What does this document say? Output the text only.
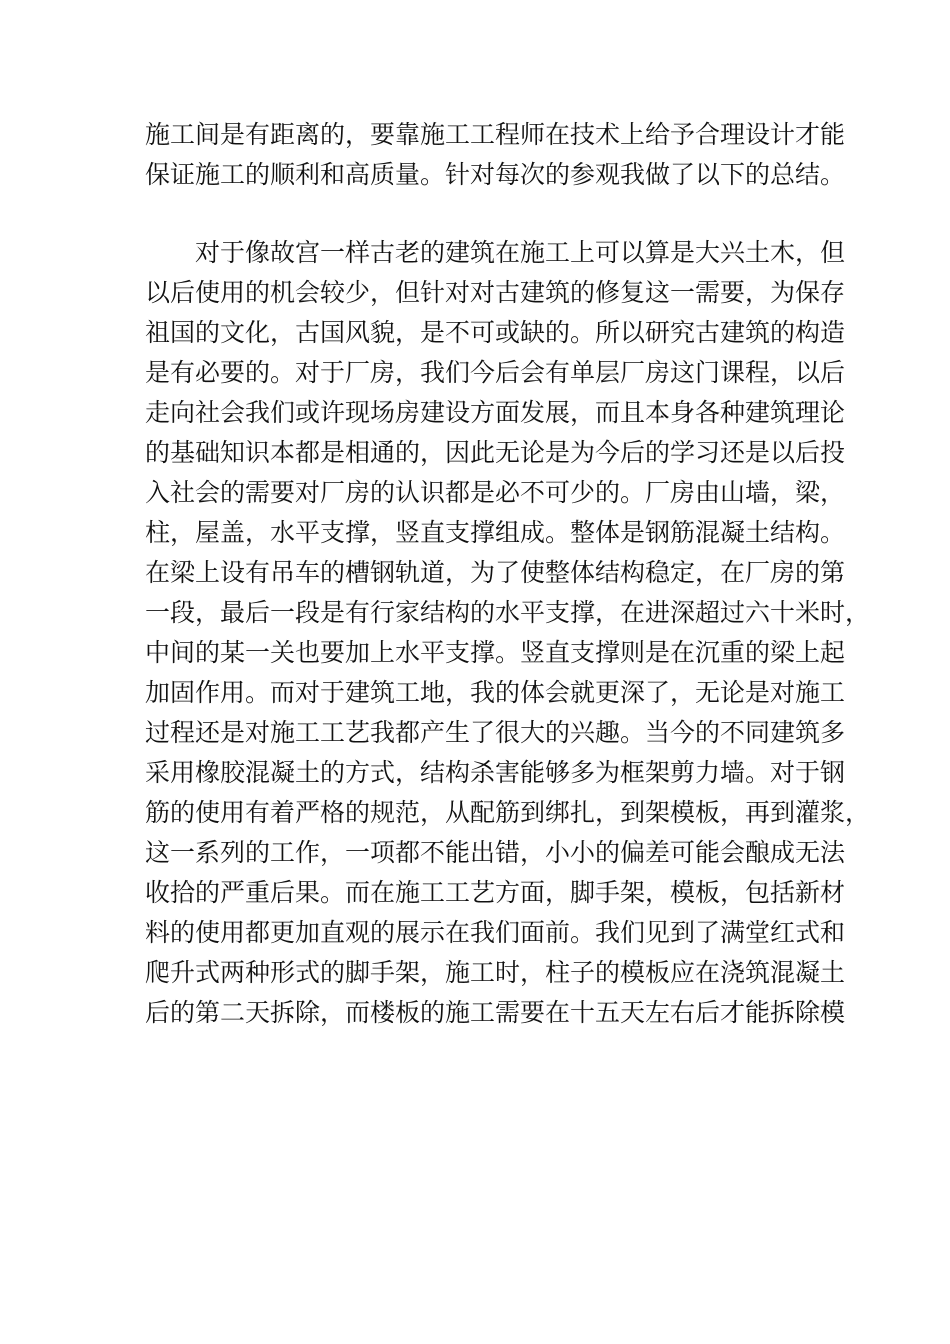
施工间是有距离的，要靠施工工程师在技术上给予合理设计才能
保证施工的顺利和高质量。针对每次的参观我做了以下的总结。
对于像故宫一样古老的建筑在施工上可以算是大兴土木，但
以后使用的机会较少，但针对对古建筑的修复这一需要，为保存
祖国的文化，古国风貌，是不可或缺的。所以研究古建筑的构造
是有必要的。对于厂房，我们今后会有单层厂房这门课程，以后
走向社会我们或许现场房建设方面发展，而且本身各种建筑理论
的基础知识本都是相通的，因此无论是为今后的学习还是以后投
入社会的需要对厂房的认识都是必不可少的。厂房由山墙，梁，
柱，屋盖，水平支撑，竖直支撑组成。整体是钢筋混凝土结构。
在梁上设有吊车的槽钢轨道，为了使整体结构稳定，在厂房的第
一段，最后一段是有行家结构的水平支撑，在进深超过六十米时，
中间的某一关也要加上水平支撑。竖直支撑则是在沉重的梁上起
加固作用。而对于建筑工地，我的体会就更深了，无论是对施工
过程还是对施工工艺我都产生了很大的兴趣。当今的不同建筑多
采用橡胶混凝土的方式，结构杀害能够多为框架剪力墙。对于钢
筋的使用有着严格的规范，从配筋到绑扎，到架模板，再到灌浆，
这一系列的工作，一项都不能出错，小小的偏差可能会酿成无法
收拾的严重后果。而在施工工艺方面，脚手架，模板，包括新材
料的使用都更加直观的展示在我们面前。我们见到了满堂红式和
爬升式两种形式的脚手架，施工时，柱子的模板应在浇筑混凝土
后的第二天拆除，而楼板的施工需要在十五天左右后才能拆除模
